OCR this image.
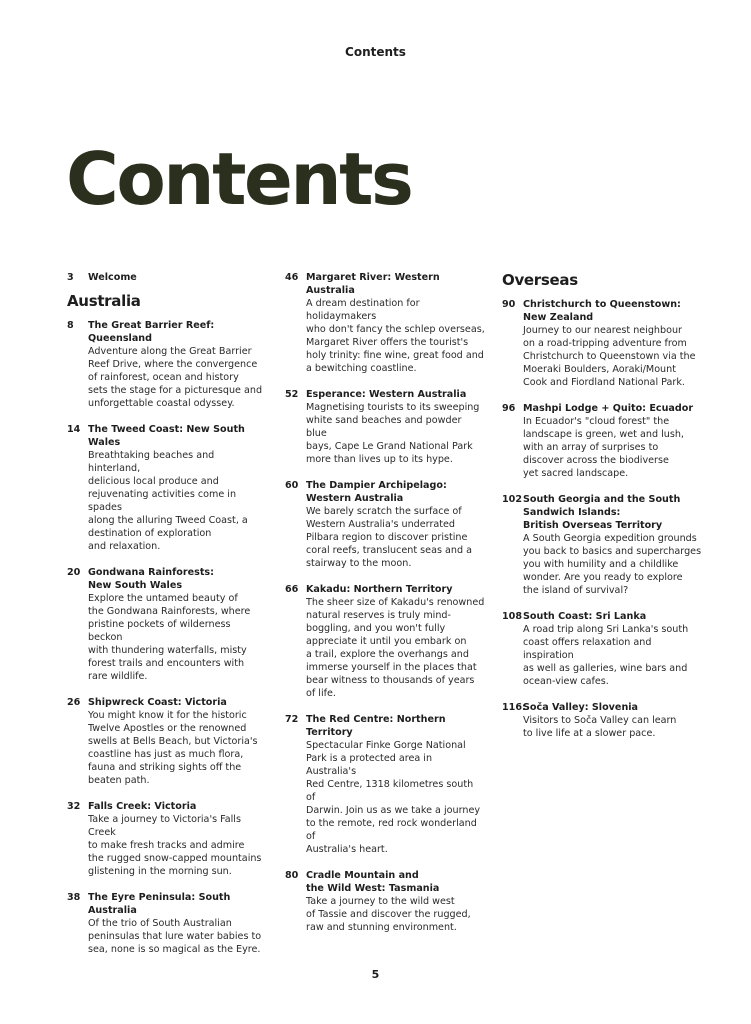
Contents
Contents
3	Welcome
Australia
8	The Great Barrier Reef: Queensland
Adventure along the Great Barrier
Reef Drive, where the convergence
of rainforest, ocean and history
sets the stage for a picturesque and
unforgettable coastal odyssey.
14 The Tweed Coast: New South Wales
Breathtaking beaches and hinterland,
delicious local produce and
rejuvenating activities come in spades
along the alluring Tweed Coast, a
destination of exploration
and relaxation.
20 Gondwana Rainforests:
New South Wales
Explore the untamed beauty of
the Gondwana Rainforests, where
pristine pockets of wilderness beckon
with thundering waterfalls, misty
forest trails and encounters with
rare wildlife.
26 Shipwreck Coast: Victoria
You might know it for the historic
Twelve Apostles or the renowned
swells at Bells Beach, but Victoria's
coastline has just as much flora,
fauna and striking sights off the
beaten path.
32 Falls Creek: Victoria
Take a journey to Victoria's Falls Creek
to make fresh tracks and admire
the rugged snow-capped mountains
glistening in the morning sun.
38 The Eyre Peninsula: South Australia
Of the trio of South Australian
peninsulas that lure water babies to
sea, none is so magical as the Eyre.
46 Margaret River: Western Australia
A dream destination for holidaymakers
who don't fancy the schlep overseas,
Margaret River offers the tourist's
holy trinity: fine wine, great food and
a bewitching coastline.
52 Esperance: Western Australia
Magnetising tourists to its sweeping
white sand beaches and powder blue
bays, Cape Le Grand National Park
more than lives up to its hype.
60 The Dampier Archipelago:
Western Australia
We barely scratch the surface of
Western Australia's underrated
Pilbara region to discover pristine
coral reefs, translucent seas and a
stairway to the moon.
66 Kakadu: Northern Territory
The sheer size of Kakadu's renowned
natural reserves is truly mind-
boggling, and you won't fully
appreciate it until you embark on
a trail, explore the overhangs and
immerse yourself in the places that
bear witness to thousands of years
of life.
72 The Red Centre: Northern Territory
Spectacular Finke Gorge National
Park is a protected area in Australia's
Red Centre, 1318 kilometres south of
Darwin. Join us as we take a journey
to the remote, red rock wonderland of
Australia's heart.
80 Cradle Mountain and
the Wild West: Tasmania
Take a journey to the wild west
of Tassie and discover the rugged,
raw and stunning environment.
Overseas
90 Christchurch to Queenstown:
New Zealand
Journey to our nearest neighbour
on a road-tripping adventure from
Christchurch to Queenstown via the
Moeraki Boulders, Aoraki/Mount
Cook and Fiordland National Park.
96 Mashpi Lodge + Quito: Ecuador
In Ecuador's "cloud forest" the
landscape is green, wet and lush,
with an array of surprises to
discover across the biodiverse
yet sacred landscape.
102 South Georgia and the South
Sandwich Islands:
British Overseas Territory
A South Georgia expedition grounds
you back to basics and supercharges
you with humility and a childlike
wonder. Are you ready to explore
the island of survival?
108 South Coast: Sri Lanka
A road trip along Sri Lanka's south
coast offers relaxation and inspiration
as well as galleries, wine bars and
ocean-view cafes.
116:
Soča Valley: Slovenia
Visitors to Soča Valley can learn
to live life at a slower pace.
5
